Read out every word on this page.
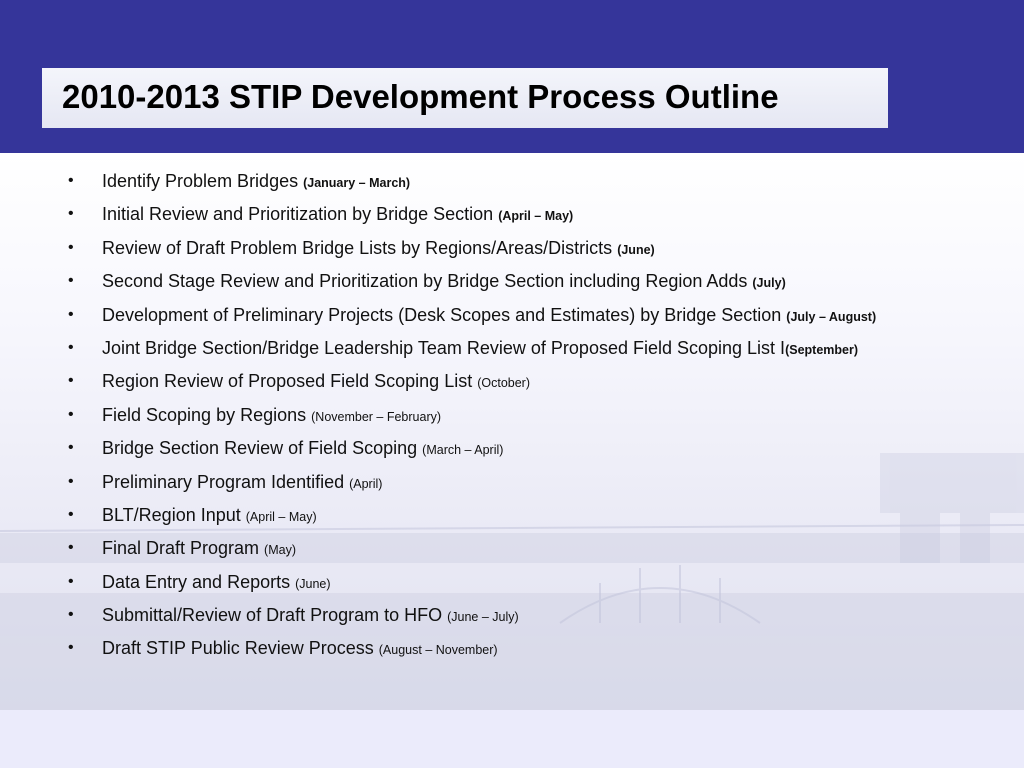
2010-2013 STIP Development Process Outline
• Identify Problem Bridges (January – March)
• Initial Review and Prioritization by Bridge Section (April – May)
• Review of Draft Problem Bridge Lists by Regions/Areas/Districts (June)
• Second Stage Review and Prioritization by Bridge Section including Region Adds (July)
• Development of Preliminary Projects (Desk Scopes and Estimates) by Bridge Section (July – August)
• Joint Bridge Section/Bridge Leadership Team Review of Proposed Field Scoping List I(September)
• Region Review of Proposed Field Scoping List (October)
• Field Scoping by Regions (November – February)
• Bridge Section Review of Field Scoping (March – April)
• Preliminary Program Identified (April)
• BLT/Region Input (April – May)
• Final Draft Program (May)
• Data Entry and Reports (June)
• Submittal/Review of Draft Program to HFO (June – July)
• Draft STIP Public Review Process (August – November)
